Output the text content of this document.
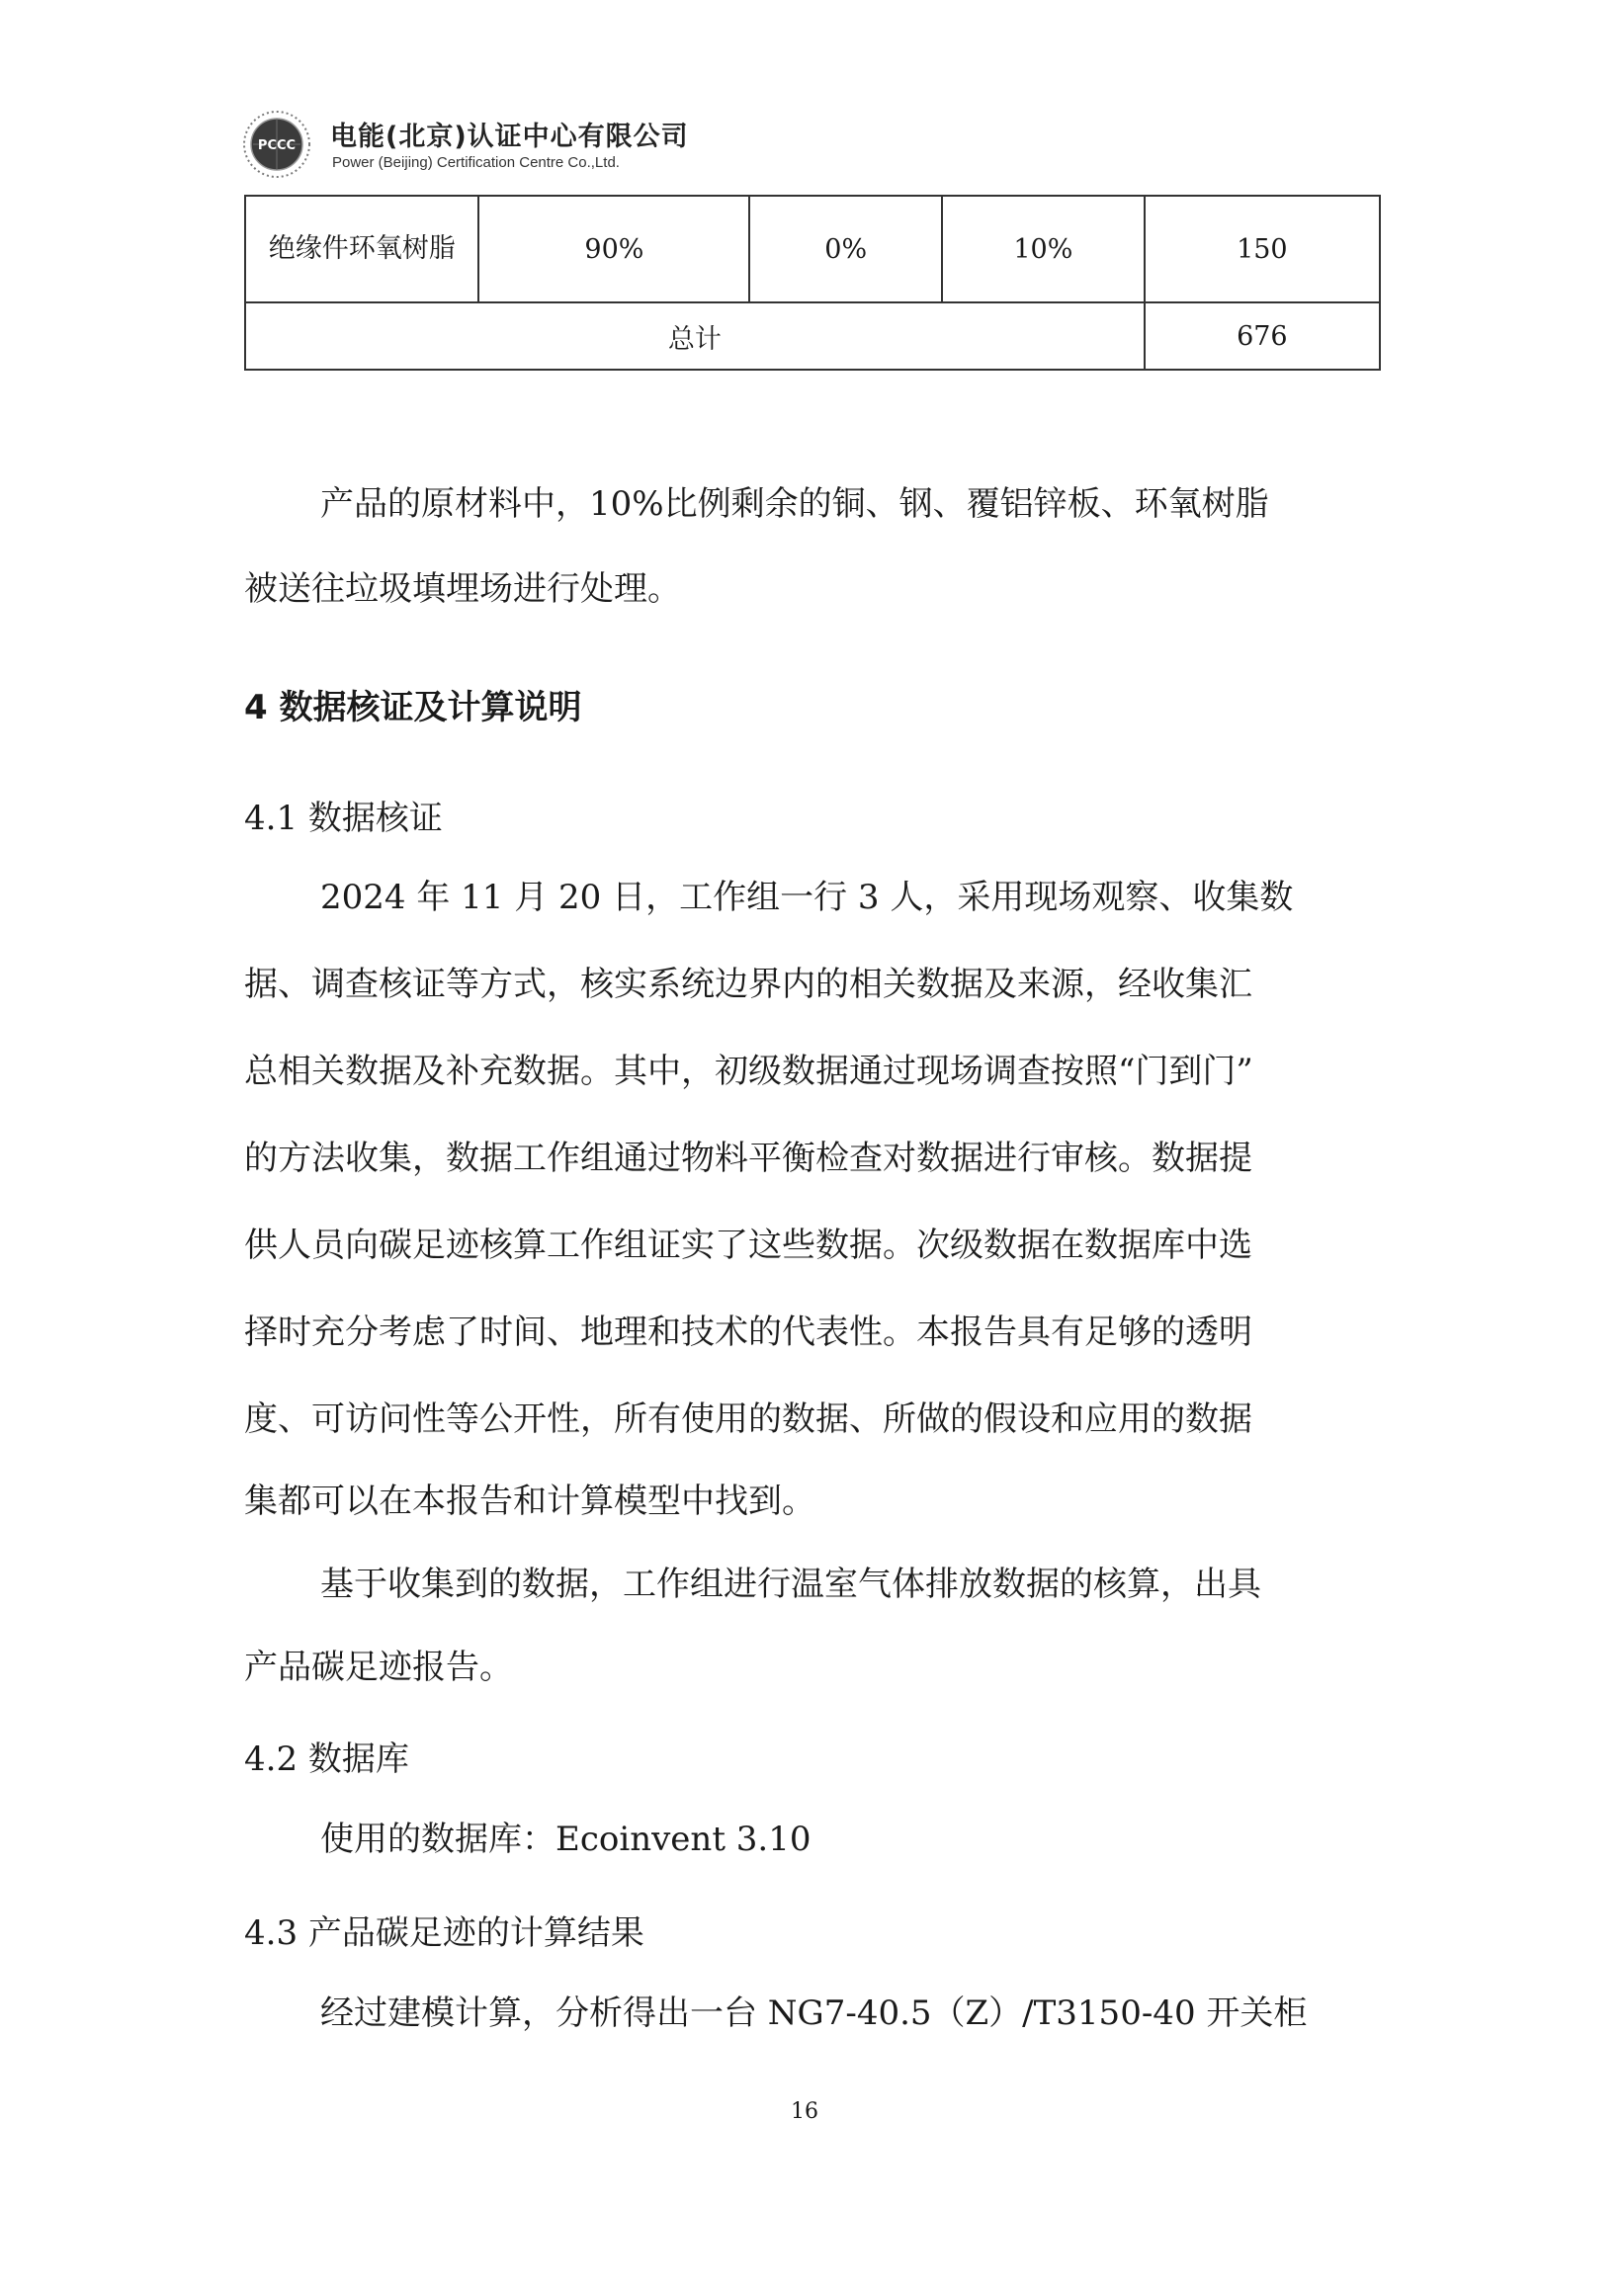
PCCC 电能(北京)认证中心有限公司
Power (Beijing) Certification Centre Co.,Ltd.
绝缘件环氧树脂	90%	0%	10%	150
总计				676
产品的原材料中，10%比例剩余的铜、钢、覆铝锌板、环氧树脂
被送往垃圾填埋场进行处理。
4 数据核证及计算说明
4.1 数据核证
2024 年 11 月 20 日，工作组一行 3 人，采用现场观察、收集数
据、调查核证等方式，核实系统边界内的相关数据及来源，经收集汇
总相关数据及补充数据。其中，初级数据通过现场调查按照“门到门”
的方法收集，数据工作组通过物料平衡检查对数据进行审核。数据提
供人员向碳足迹核算工作组证实了这些数据。次级数据在数据库中选
择时充分考虑了时间、地理和技术的代表性。本报告具有足够的透明
度、可访问性等公开性，所有使用的数据、所做的假设和应用的数据
集都可以在本报告和计算模型中找到。
基于收集到的数据，工作组进行温室气体排放数据的核算，出具
产品碳足迹报告。
4.2 数据库
使用的数据库：Ecoinvent 3.10
4.3 产品碳足迹的计算结果
经过建模计算，分析得出一台 NG7-40.5（Z）/T3150-40 开关柜
16
